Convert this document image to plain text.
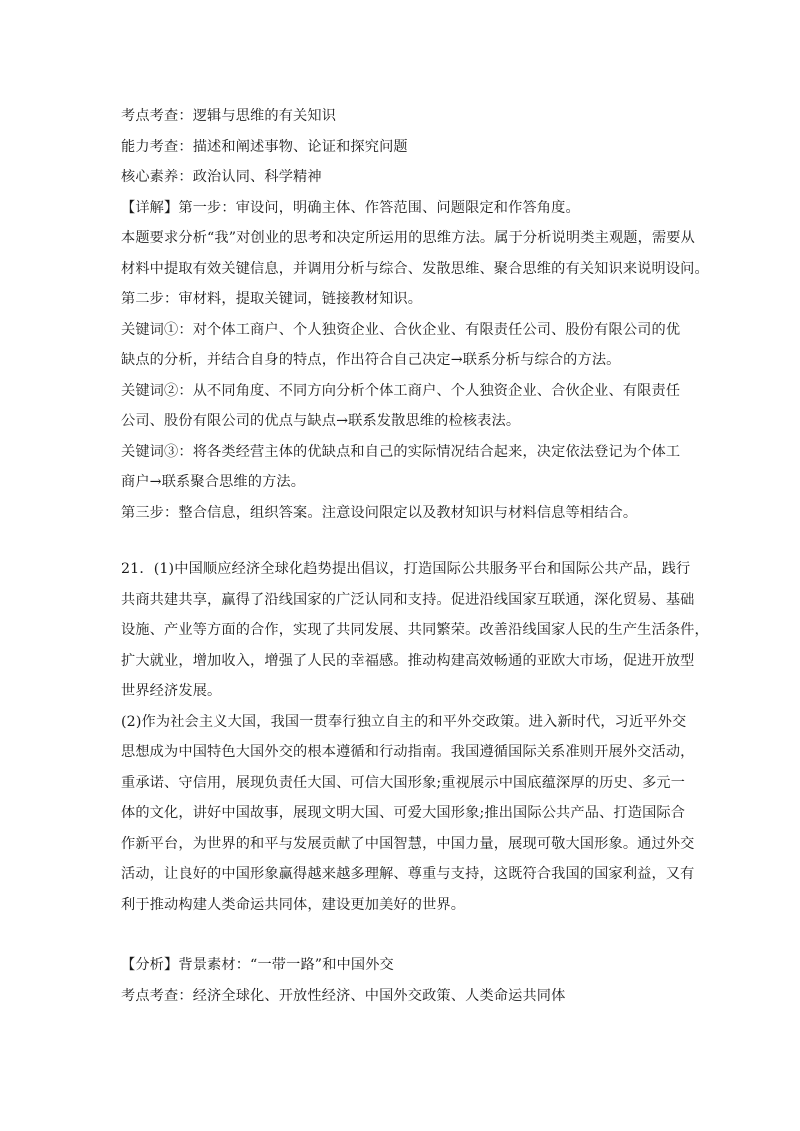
考点考查：逻辑与思维的有关知识
能力考查：描述和阐述事物、论证和探究问题
核心素养：政治认同、科学精神
【详解】第一步：审设问，明确主体、作答范围、问题限定和作答角度。
本题要求分析“我”对创业的思考和决定所运用的思维方法。属于分析说明类主观题，需要从
材料中提取有效关键信息，并调用分析与综合、发散思维、聚合思维的有关知识来说明设问。
第二步：审材料，提取关键词，链接教材知识。
关键词①：对个体工商户、个人独资企业、合伙企业、有限责任公司、股份有限公司的优
缺点的分析，并结合自身的特点，作出符合自己决定→联系分析与综合的方法。
关键词②：从不同角度、不同方向分析个体工商户、个人独资企业、合伙企业、有限责任
公司、股份有限公司的优点与缺点→联系发散思维的检核表法。
关键词③：将各类经营主体的优缺点和自己的实际情况结合起来，决定依法登记为个体工
商户→联系聚合思维的方法。
第三步：整合信息，组织答案。注意设问限定以及教材知识与材料信息等相结合。
21．(1)中国顺应经济全球化趋势提出倡议，打造国际公共服务平台和国际公共产品，践行
共商共建共享，赢得了沿线国家的广泛认同和支持。促进沿线国家互联通，深化贸易、基础
设施、产业等方面的合作，实现了共同发展、共同繁荣。改善沿线国家人民的生产生活条件，
扩大就业，增加收入，增强了人民的幸福感。推动构建高效畅通的亚欧大市场，促进开放型
世界经济发展。
(2)作为社会主义大国，我国一贯奉行独立自主的和平外交政策。进入新时代，习近平外交
思想成为中国特色大国外交的根本遵循和行动指南。我国遵循国际关系准则开展外交活动，
重承诺、守信用，展现负责任大国、可信大国形象;重视展示中国底蕴深厚的历史、多元一
体的文化，讲好中国故事，展现文明大国、可爱大国形象;推出国际公共产品、打造国际合
作新平台，为世界的和平与发展贡献了中国智慧，中国力量，展现可敬大国形象。通过外交
活动，让良好的中国形象赢得越来越多理解、尊重与支持，这既符合我国的国家利益，又有
利于推动构建人类命运共同体，建设更加美好的世界。
【分析】背景素材：“一带一路”和中国外交
考点考查：经济全球化、开放性经济、中国外交政策、人类命运共同体
